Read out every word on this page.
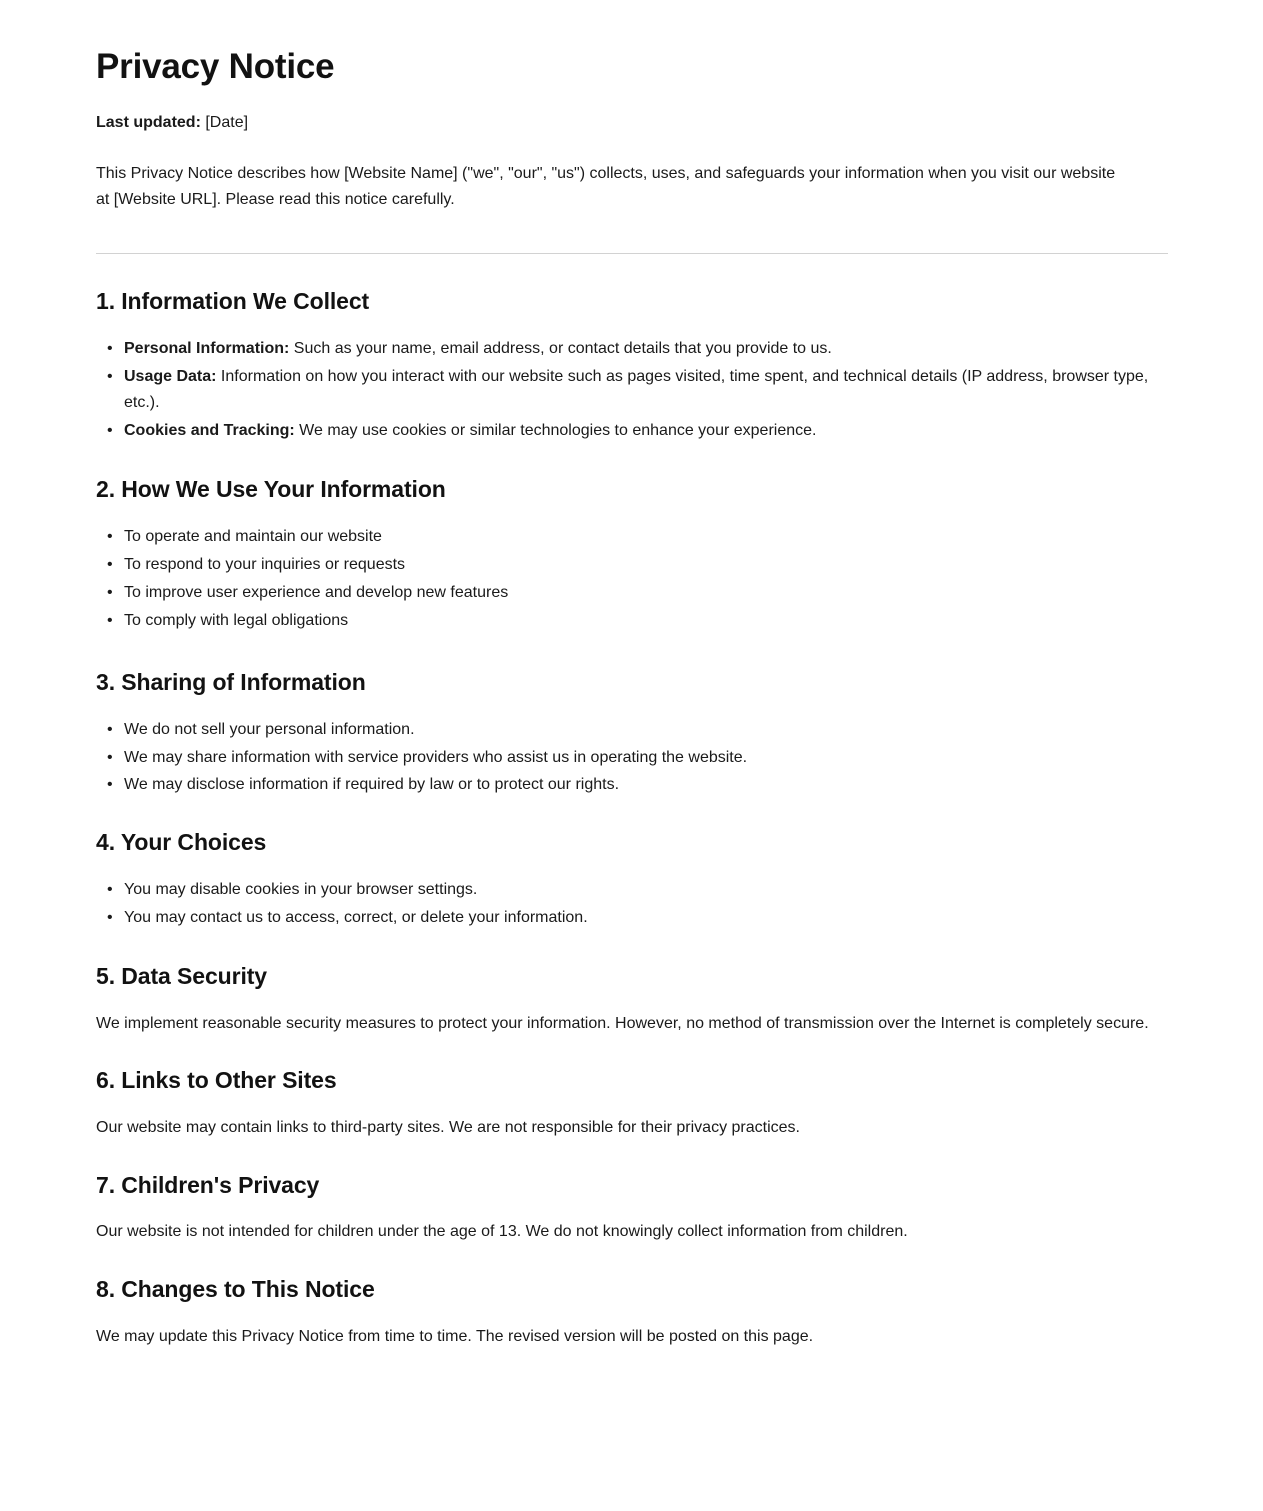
Privacy Notice

Last updated: [Date]

This Privacy Notice describes how [Website Name] ("we", "our", "us") collects, uses, and safeguards your information when you visit our website at [Website URL]. Please read this notice carefully.

1. Information We Collect
• Personal Information: Such as your name, email address, or contact details that you provide to us.
• Usage Data: Information on how you interact with our website such as pages visited, time spent, and technical details (IP address, browser type, etc.).
• Cookies and Tracking: We may use cookies or similar technologies to enhance your experience.
2. How We Use Your Information
• To operate and maintain our website
• To respond to your inquiries or requests
• To improve user experience and develop new features
• To comply with legal obligations
3. Sharing of Information
• We do not sell your personal information.
• We may share information with service providers who assist us in operating the website.
• We may disclose information if required by law or to protect our rights.
4. Your Choices
• You may disable cookies in your browser settings.
• You may contact us to access, correct, or delete your information.
5. Data Security

We implement reasonable security measures to protect your information. However, no method of transmission over the Internet is completely secure.

6. Links to Other Sites

Our website may contain links to third-party sites. We are not responsible for their privacy practices.

7. Children's Privacy

Our website is not intended for children under the age of 13. We do not knowingly collect information from children.

8. Changes to This Notice

We may update this Privacy Notice from time to time. The revised version will be posted on this page.
